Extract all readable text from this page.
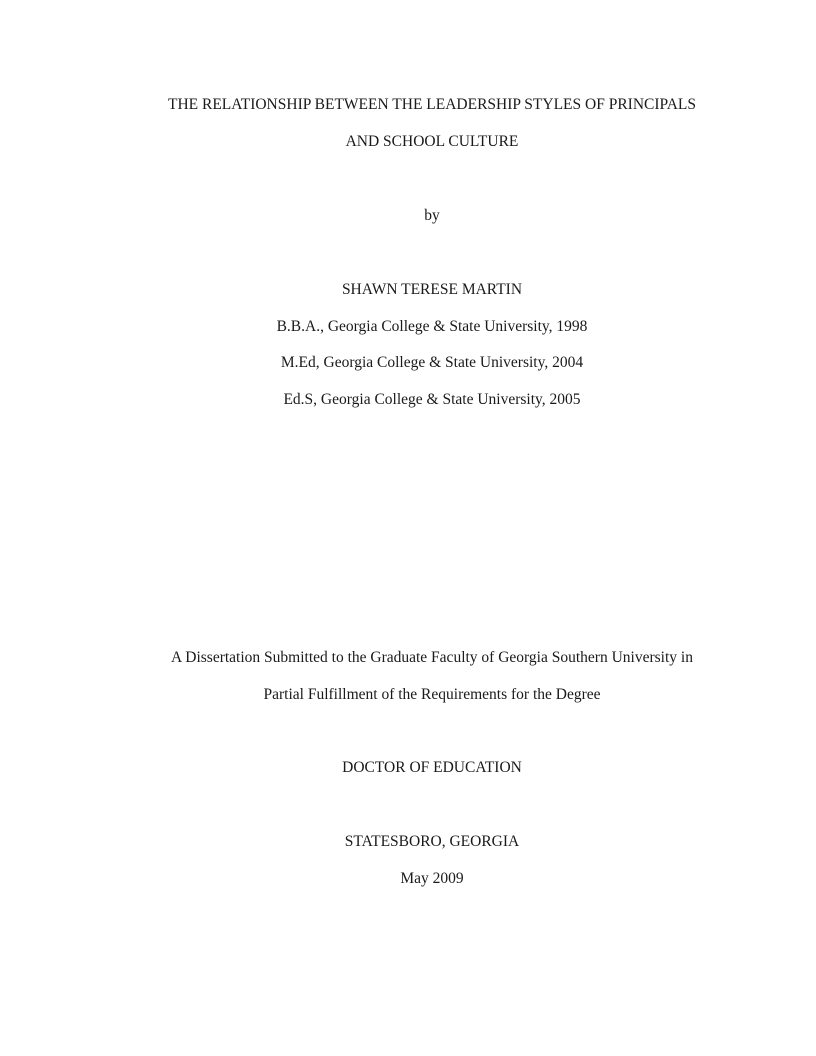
THE RELATIONSHIP BETWEEN THE LEADERSHIP STYLES OF PRINCIPALS
AND SCHOOL CULTURE
by
SHAWN TERESE MARTIN
B.B.A., Georgia College & State University, 1998
M.Ed, Georgia College & State University, 2004
Ed.S, Georgia College & State University, 2005
A Dissertation Submitted to the Graduate Faculty of Georgia Southern University in
Partial Fulfillment of the Requirements for the Degree
DOCTOR OF EDUCATION
STATESBORO, GEORGIA
May 2009
